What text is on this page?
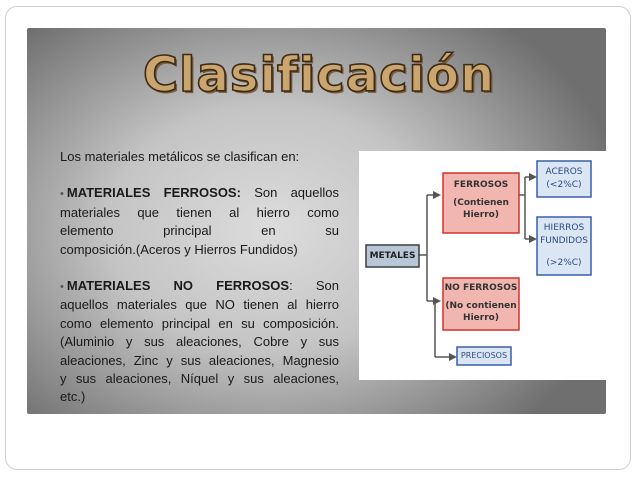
Clasificación

Los materiales metálicos se clasifican en:

• MATERIALES FERROSOS: Son aquellos

materiales que tienen al hierro como

elemento principal en su

composición.(Aceros y Hierros Fundidos)

• MATERIALES NO FERROSOS: Son

aquellos materiales que NO tienen al hierro

como elemento principal en su composición.

(Aluminio y sus aleaciones, Cobre y sus

aleaciones, Zinc y sus aleaciones, Magnesio

y sus aleaciones, Níquel y sus aleaciones,

etc.)

METALES
FERROSOS
(Contienen
Hierro)
ACEROS
(<2%C)
HIERROS
FUNDIDOS
(>2%C)
NO FERROSOS
(No contienen
Hierro)
PRECIOSOS
